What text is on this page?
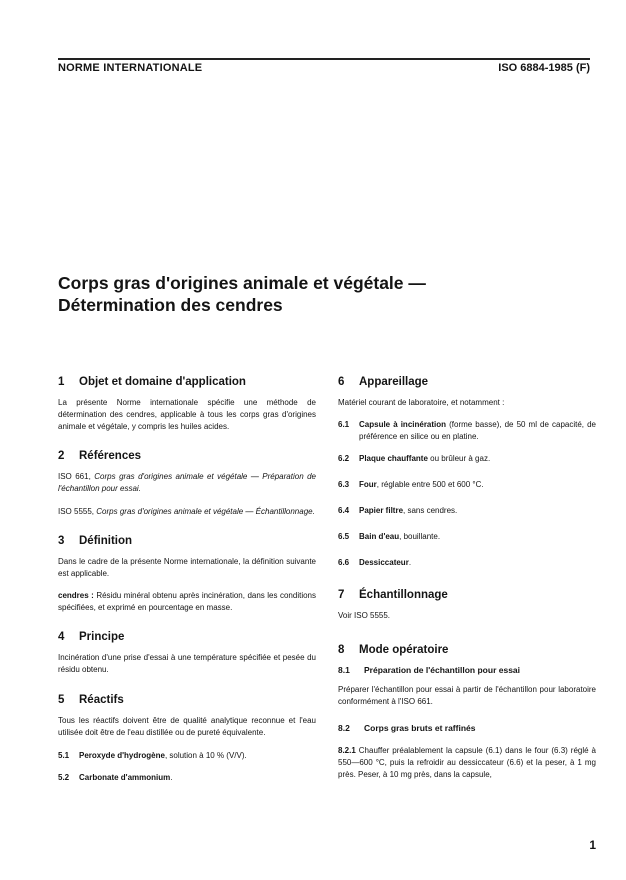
NORME INTERNATIONALE	ISO 6884-1985 (F)
Corps gras d'origines animale et végétale —
Détermination des cendres
1	Objet et domaine d'application

La présente Norme internationale spécifie une méthode de détermination des cendres, applicable à tous les corps gras d'origines animale et végétale, y compris les huiles acides.

2	Références

ISO 661, Corps gras d'origines animale et végétale — Préparation de l'échantillon pour essai.

ISO 5555, Corps gras d'origines animale et végétale — Échantillonnage.

3	Définition

Dans le cadre de la présente Norme internationale, la définition suivante est applicable.

cendres : Résidu minéral obtenu après incinération, dans les conditions spécifiées, et exprimé en pourcentage en masse.

4	Principe

Incinération d'une prise d'essai à une température spécifiée et pesée du résidu obtenu.

5	Réactifs

Tous les réactifs doivent être de qualité analytique reconnue et l'eau utilisée doit être de l'eau distillée ou de pureté équivalente.

5.1	Peroxyde d'hydrogène, solution à 10 % (V/V).
5.2	Carbonate d'ammonium.
6	Appareillage

Matériel courant de laboratoire, et notamment :

6.1	Capsule à incinération (forme basse), de 50 ml de capacité, de préférence en silice ou en platine.
6.2	Plaque chauffante ou brûleur à gaz.
6.3	Four, réglable entre 500 et 600 °C.
6.4	Papier filtre, sans cendres.
6.5	Bain d'eau, bouillante.
6.6	Dessiccateur.
7	Échantillonnage

Voir ISO 5555.

8	Mode opératoire
8.1	Préparation de l'échantillon pour essai

Préparer l'échantillon pour essai à partir de l'échantillon pour laboratoire conformément à l'ISO 661.

8.2	Corps gras bruts et raffinés

8.2.1 Chauffer préalablement la capsule (6.1) dans le four (6.3) réglé à 550—600 °C, puis la refroidir au dessiccateur (6.6) et la peser, à 1 mg près. Peser, à 10 mg près, dans la capsule,

1
